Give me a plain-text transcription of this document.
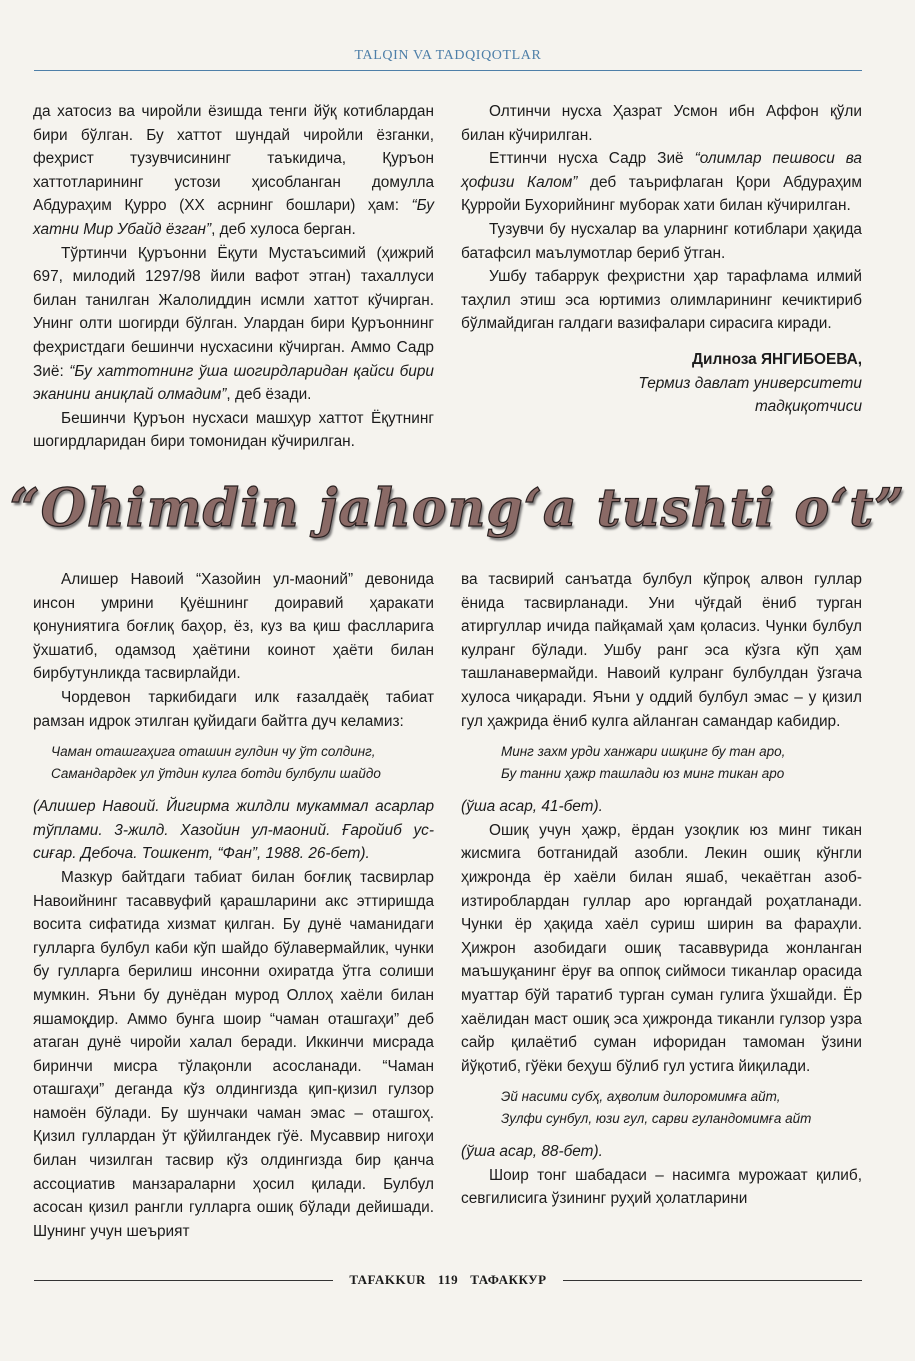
TALQIN VA TADQIQOTLAR

да хатосиз ва чиройли ёзишда тенги йўқ котиблардан бири бўлган. Бу хаттот шундай чиройли ёзганки, феҳрист тузувчисининг таъкидича, Қуръон хаттотларининг устози ҳисобланган домулла Абдураҳим Қурро (XX асрнинг бошлари) ҳам: “Бу хатни Мир Убайд ёзган”, деб хулоса берган.

Тўртинчи Қуръонни Ёқути Мустаъсимий (ҳижрий 697, милодий 1297/98 йили вафот этган) тахаллуси билан танилган Жалолиддин исмли хаттот кўчирган. Унинг олти шогирди бўлган. Улардан бири Қуръоннинг феҳристдаги бешинчи нусхасини кўчирган. Аммо Садр Зиё: “Бу хаттотнинг ўша шогирдларидан қайси бири эканини аниқлай олмадим”, деб ёзади.

Бешинчи Қуръон нусхаси машҳур хаттот Ёқутнинг шогирдларидан бири томонидан кўчирилган.

Олтинчи нусха Ҳазрат Усмон ибн Аффон қўли билан кўчирилган.

Еттинчи нусха Садр Зиё “олимлар пешвоси ва ҳофизи Калом” деб таърифлаган Қори Абдураҳим Қурройи Бухорийнинг муборак хати билан кўчирилган.

Тузувчи бу нусхалар ва уларнинг котиблари ҳақида батафсил маълумотлар бериб ўтган.

Ушбу табаррук феҳристни ҳар тарафлама илмий таҳлил этиш эса юртимиз олимларининг кечиктириб бўлмайдиган галдаги вазифалари сирасига киради.

Дилноза ЯНГИБОЕВА,
Термиз давлат университети
тадқиқотчиси
“Ohimdin jahong‘a tushti o‘t”

Алишер Навоий “Хазойин ул-маоний” девонида инсон умрини Қуёшнинг доиравий ҳаракати қонуниятига боғлиқ баҳор, ёз, куз ва қиш фаслларига ўхшатиб, одамзод ҳаётини коинот ҳаёти билан бирбутунликда тасвирлайди.

Чордевон таркибидаги илк ғазалдаёқ табиат рамзан идрок этилган қуйидаги байтга дуч келамиз:

Чаман оташгаҳига оташин гулдин чу ўт солдинг,
Самандардек ул ўтдин кулга ботди булбули шайдо

(Алишер Навоий. Йигирма жилдли мукаммал асарлар тўплами. 3-жилд. Хазойин ул-маоний. Ғаройиб ус-сиғар. Дебоча. Тошкент, “Фан”, 1988. 26-бет).

Мазкур байтдаги табиат билан боғлиқ тасвирлар Навоийнинг тасаввуфий қарашларини акс эттиришда восита сифатида хизмат қилган. Бу дунё чаманидаги гулларга булбул каби кўп шайдо бўлавермайлик, чунки бу гулларга берилиш инсонни охиратда ўтга солиши мумкин. Яъни бу дунёдан мурод Оллоҳ хаёли билан яшамоқдир. Аммо бунга шоир “чаман оташгаҳи” деб атаган дунё чиройи халал беради. Иккинчи мисрада биринчи мисра тўлақонли асосланади. “Чаман оташгаҳи” деганда кўз олдингизда қип-қизил гулзор намоён бўлади. Бу шунчаки чаман эмас – оташгоҳ. Қизил гуллардан ўт қўйилгандек гўё. Мусаввир нигоҳи билан чизилган тасвир кўз олдингизда бир қанча ассоциатив манзараларни ҳосил қилади. Булбул асосан қизил рангли гулларга ошиқ бўлади дейишади. Шунинг учун шеърият

ва тасвирий санъатда булбул кўпроқ алвон гуллар ёнида тасвирланади. Уни чўғдай ёниб турган атиргуллар ичида пайқамай ҳам қоласиз. Чунки булбул кулранг бўлади. Ушбу ранг эса кўзга кўп ҳам ташланавермайди. Навоий кулранг булбулдан ўзгача хулоса чиқаради. Яъни у оддий булбул эмас – у қизил гул ҳажрида ёниб кулга айланган самандар кабидир.

Минг захм урди ханжари ишқинг бу тан аро,
Бу танни ҳажр ташлади юз минг тикан аро

(ўша асар, 41-бет).

Ошиқ учун ҳажр, ёрдан узоқлик юз минг тикан жисмига ботганидай азобли. Лекин ошиқ кўнгли ҳижронда ёр хаёли билан яшаб, чекаётган азоб-изтироблардан гуллар аро юргандай роҳатланади. Чунки ёр ҳақида хаёл суриш ширин ва фараҳли. Ҳижрон азобидаги ошиқ тасаввурида жонланган маъшуқанинг ёруғ ва оппоқ сиймоси тиканлар орасида муаттар бўй таратиб турган суман гулига ўхшайди. Ёр хаёлидан маст ошиқ эса ҳижронда тиканли гулзор узра сайр қилаётиб суман ифоридан тамоман ўзини йўқотиб, гўёки беҳуш бўлиб гул устига йиқилади.

Эй насими субҳ, аҳволим дилоромимға айт,
Зулфи сунбул, юзи гул, сарви гуландомимға айт

(ўша асар, 88-бет).

Шоир тонг шабадаси – насимга мурожаат қилиб, севгилисига ўзининг руҳий ҳолатларини

TAFAKKUR 119 ТАФАККУР
